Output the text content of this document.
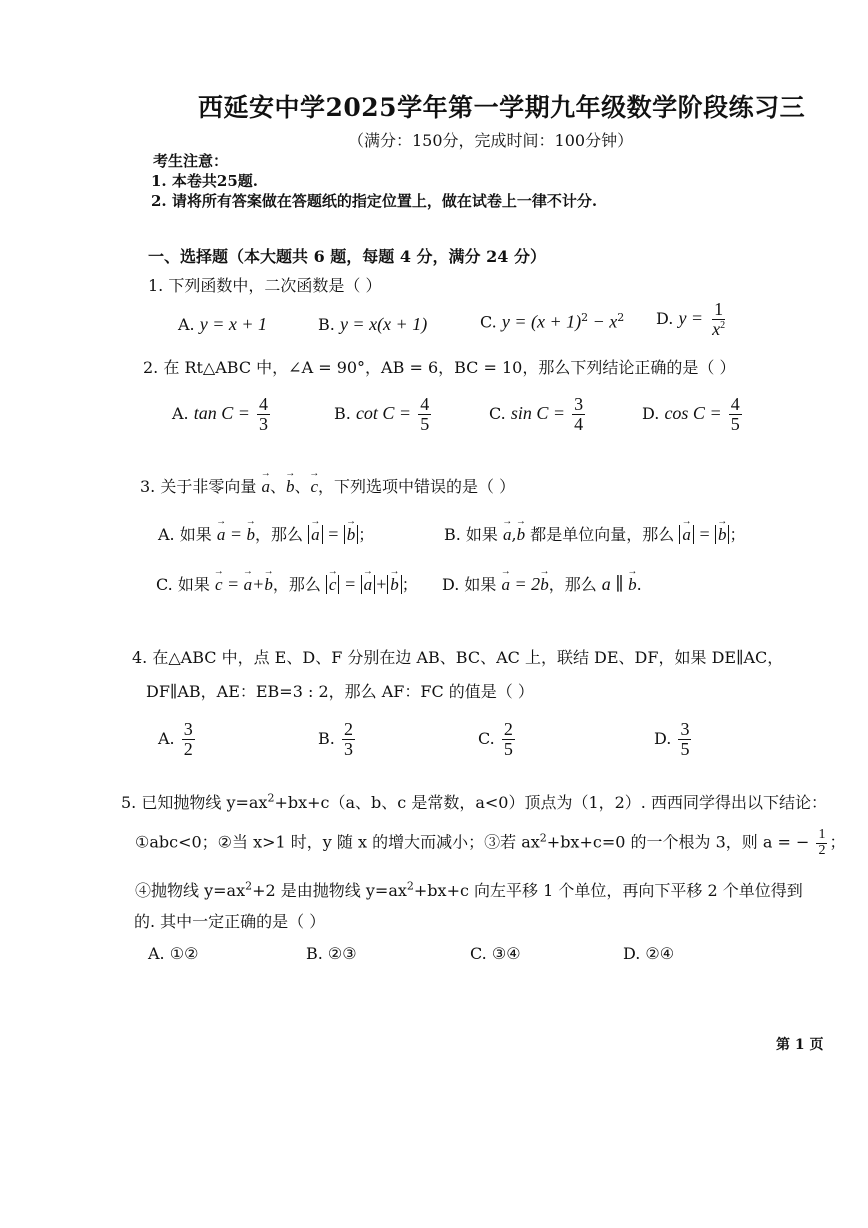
西延安中学2025学年第一学期九年级数学阶段练习三
（满分：150分，完成时间：100分钟）
考生注意：
1. 本卷共25题.
2. 请将所有答案做在答题纸的指定位置上，做在试卷上一律不计分.
一、选择题（本大题共 6 题，每题 4 分，满分 24 分）
1. 下列函数中，二次函数是（ ）
A. y = x + 1	B. y = x(x + 1)	C. $y = (x + 1)^2 - x^2$ D. $y = \frac{1}{x^2}$
2. 在 Rt△ABC 中，∠A = 90°，AB = 6，BC = 10，那么下列结论正确的是（ ）
A. $\tan C = \frac{4}{3}$	B. $\cot C = \frac{4}{5}$	C. $\sin C = \frac{3}{4}$	D. $\cos C = \frac{4}{5}$
3. 关于非零向量 → a、→ b、→ c，下列选项中错误的是（ ）
A. 如果 → a = → b，那么 → a = → b ；	B. 如果 → a,→ b 都是单位向量，那么 → a = → b ；
C. 如果 → c = → a+→ b，那么 → c = → a + → b ； D. 如果 → a = 2→ b，那么 a ∥ → b.
4. 在△ABC 中，点 E、D、F 分别在边 AB、BC、AC 上，联结 DE、DF，如果 DE∥AC，
DF∥AB，AE：EB=3 : 2，那么 AF：FC 的值是（ ）
A. $\frac{3}{2}$	B. $\frac{2}{3}$	C. $\frac{2}{5}$	D. $\frac{3}{5}$
5. 已知抛物线 $y=ax^2+bx+c(a$、b、c 是常数，a<0）顶点为（1，2）. 西西同学得出以下结论：
①abc<0；②当 x>1 时，y 随 x 的增大而减小；③若 $ax^2+bx+c=0$ 的一个根为 3，则 a = − $\frac{1}{2}$ ；
④抛物线 $y=ax^2+2$ 是由抛物线 $y=ax^2+bx+c$ 向左平移 1 个单位，再向下平移 2 个单位得到
的. 其中一定正确的是（ ）
A. ①②	B. ②③	C. ③④	D. ②④
第 1 页
